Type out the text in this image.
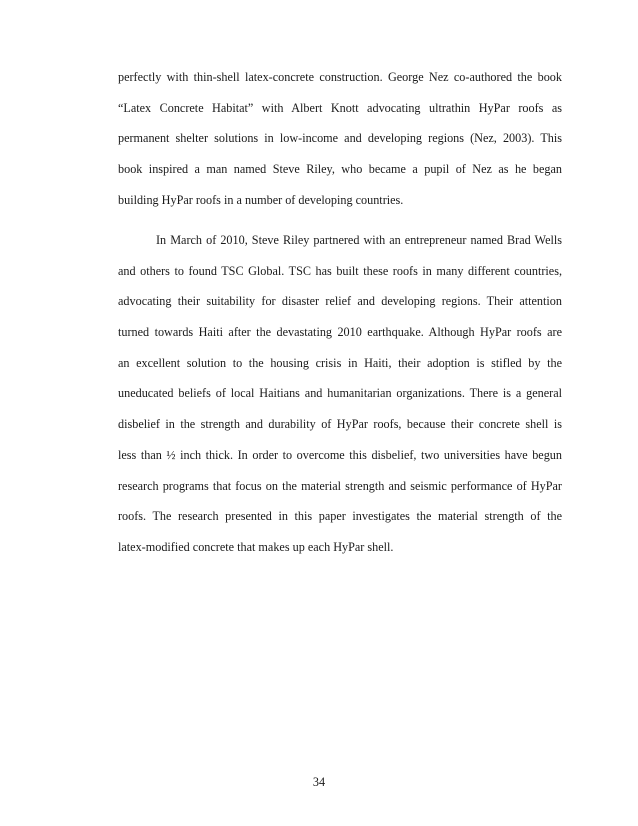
perfectly with thin-shell latex-concrete construction. George Nez co-authored the book
“Latex Concrete Habitat” with Albert Knott advocating ultrathin HyPar roofs as
permanent shelter solutions in low-income and developing regions (Nez, 2003). This
book inspired a man named Steve Riley, who became a pupil of Nez as he began
building HyPar roofs in a number of developing countries.
In March of 2010, Steve Riley partnered with an entrepreneur named Brad Wells
and others to found TSC Global. TSC has built these roofs in many different countries,
advocating their suitability for disaster relief and developing regions. Their attention
turned towards Haiti after the devastating 2010 earthquake. Although HyPar roofs are
an excellent solution to the housing crisis in Haiti, their adoption is stifled by the
uneducated beliefs of local Haitians and humanitarian organizations. There is a general
disbelief in the strength and durability of HyPar roofs, because their concrete shell is
less than ½ inch thick. In order to overcome this disbelief, two universities have begun
research programs that focus on the material strength and seismic performance of HyPar
roofs. The research presented in this paper investigates the material strength of the
latex-modified concrete that makes up each HyPar shell.
34
